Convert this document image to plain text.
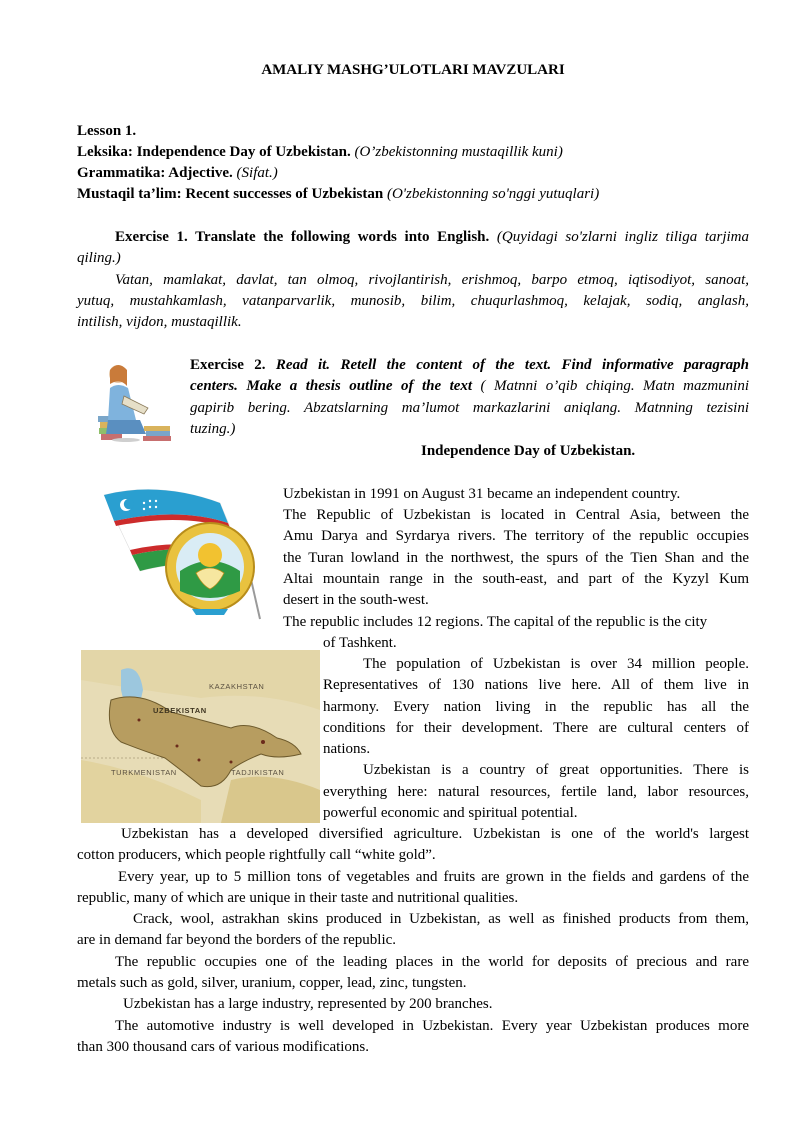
AMALIY MASHG’ULOTLARI MAVZULARI
Lesson 1.
Leksika: Independence Day of Uzbekistan. (O’zbekistonning mustaqillik kuni)
Grammatika: Adjective. (Sifat.)
Mustaqil ta’lim: Recent successes of Uzbekistan (O'zbekistonning so'nggi yutuqlari)
Exercise 1. Translate the following words into English. (Quyidagi so'zlarni ingliz tiliga tarjima
qiling.)
Vatan, mamlakat, davlat, tan olmoq, rivojlantirish, erishmoq, barpo etmoq, iqtisodiyot, sanoat,
yutuq, mustahkamlash, vatanparvarlik, munosib, bilim, chuqurlashmoq, kelajak, sodiq, anglash,
intilish, vijdon, mustaqillik.
Exercise 2. Read it. Retell the content of the text. Find informative paragraph
centers. Make a thesis outline of the text ( Matnni o’qib chiqing. Matn mazmunini
gapirib bering. Abzatslarning ma’lumot markazlarini aniqlang. Matnning tezisini
tuzing.)
Independence Day of Uzbekistan.
KAZAKHSTAN
UZBEKISTAN
TURKMENISTAN	TADJIKISTAN
Uzbekistan in 1991 on August 31 became an independent country.
The Republic of Uzbekistan is located in Central Asia, between the
Amu Darya and Syrdarya rivers. The territory of the republic occupies
the Turan lowland in the northwest, the spurs of the Tien Shan and the
Altai mountain range in the south-east, and part of the Kyzyl Kum
desert in the south-west.
The republic includes 12 regions. The capital of the republic is the city
of Tashkent.
The population of Uzbekistan is over 34 million people.
Representatives of 130 nations live here. All of them live in
harmony. Every nation living in the republic has all the
conditions for their development. There are cultural centers of
nations.
Uzbekistan is a country of great opportunities. There is
everything here: natural resources, fertile land, labor resources,
powerful economic and spiritual potential.
Uzbekistan has a developed diversified agriculture. Uzbekistan is one of the world's largest
cotton producers, which people rightfully call “white gold”.
Every year, up to 5 million tons of vegetables and fruits are grown in the fields and gardens of the
republic, many of which are unique in their taste and nutritional qualities.
Crack, wool, astrakhan skins produced in Uzbekistan, as well as finished products from them,
are in demand far beyond the borders of the republic.
The republic occupies one of the leading places in the world for deposits of precious and rare
metals such as gold, silver, uranium, copper, lead, zinc, tungsten.
Uzbekistan has a large industry, represented by 200 branches.
The automotive industry is well developed in Uzbekistan. Every year Uzbekistan produces more
than 300 thousand cars of various modifications.
